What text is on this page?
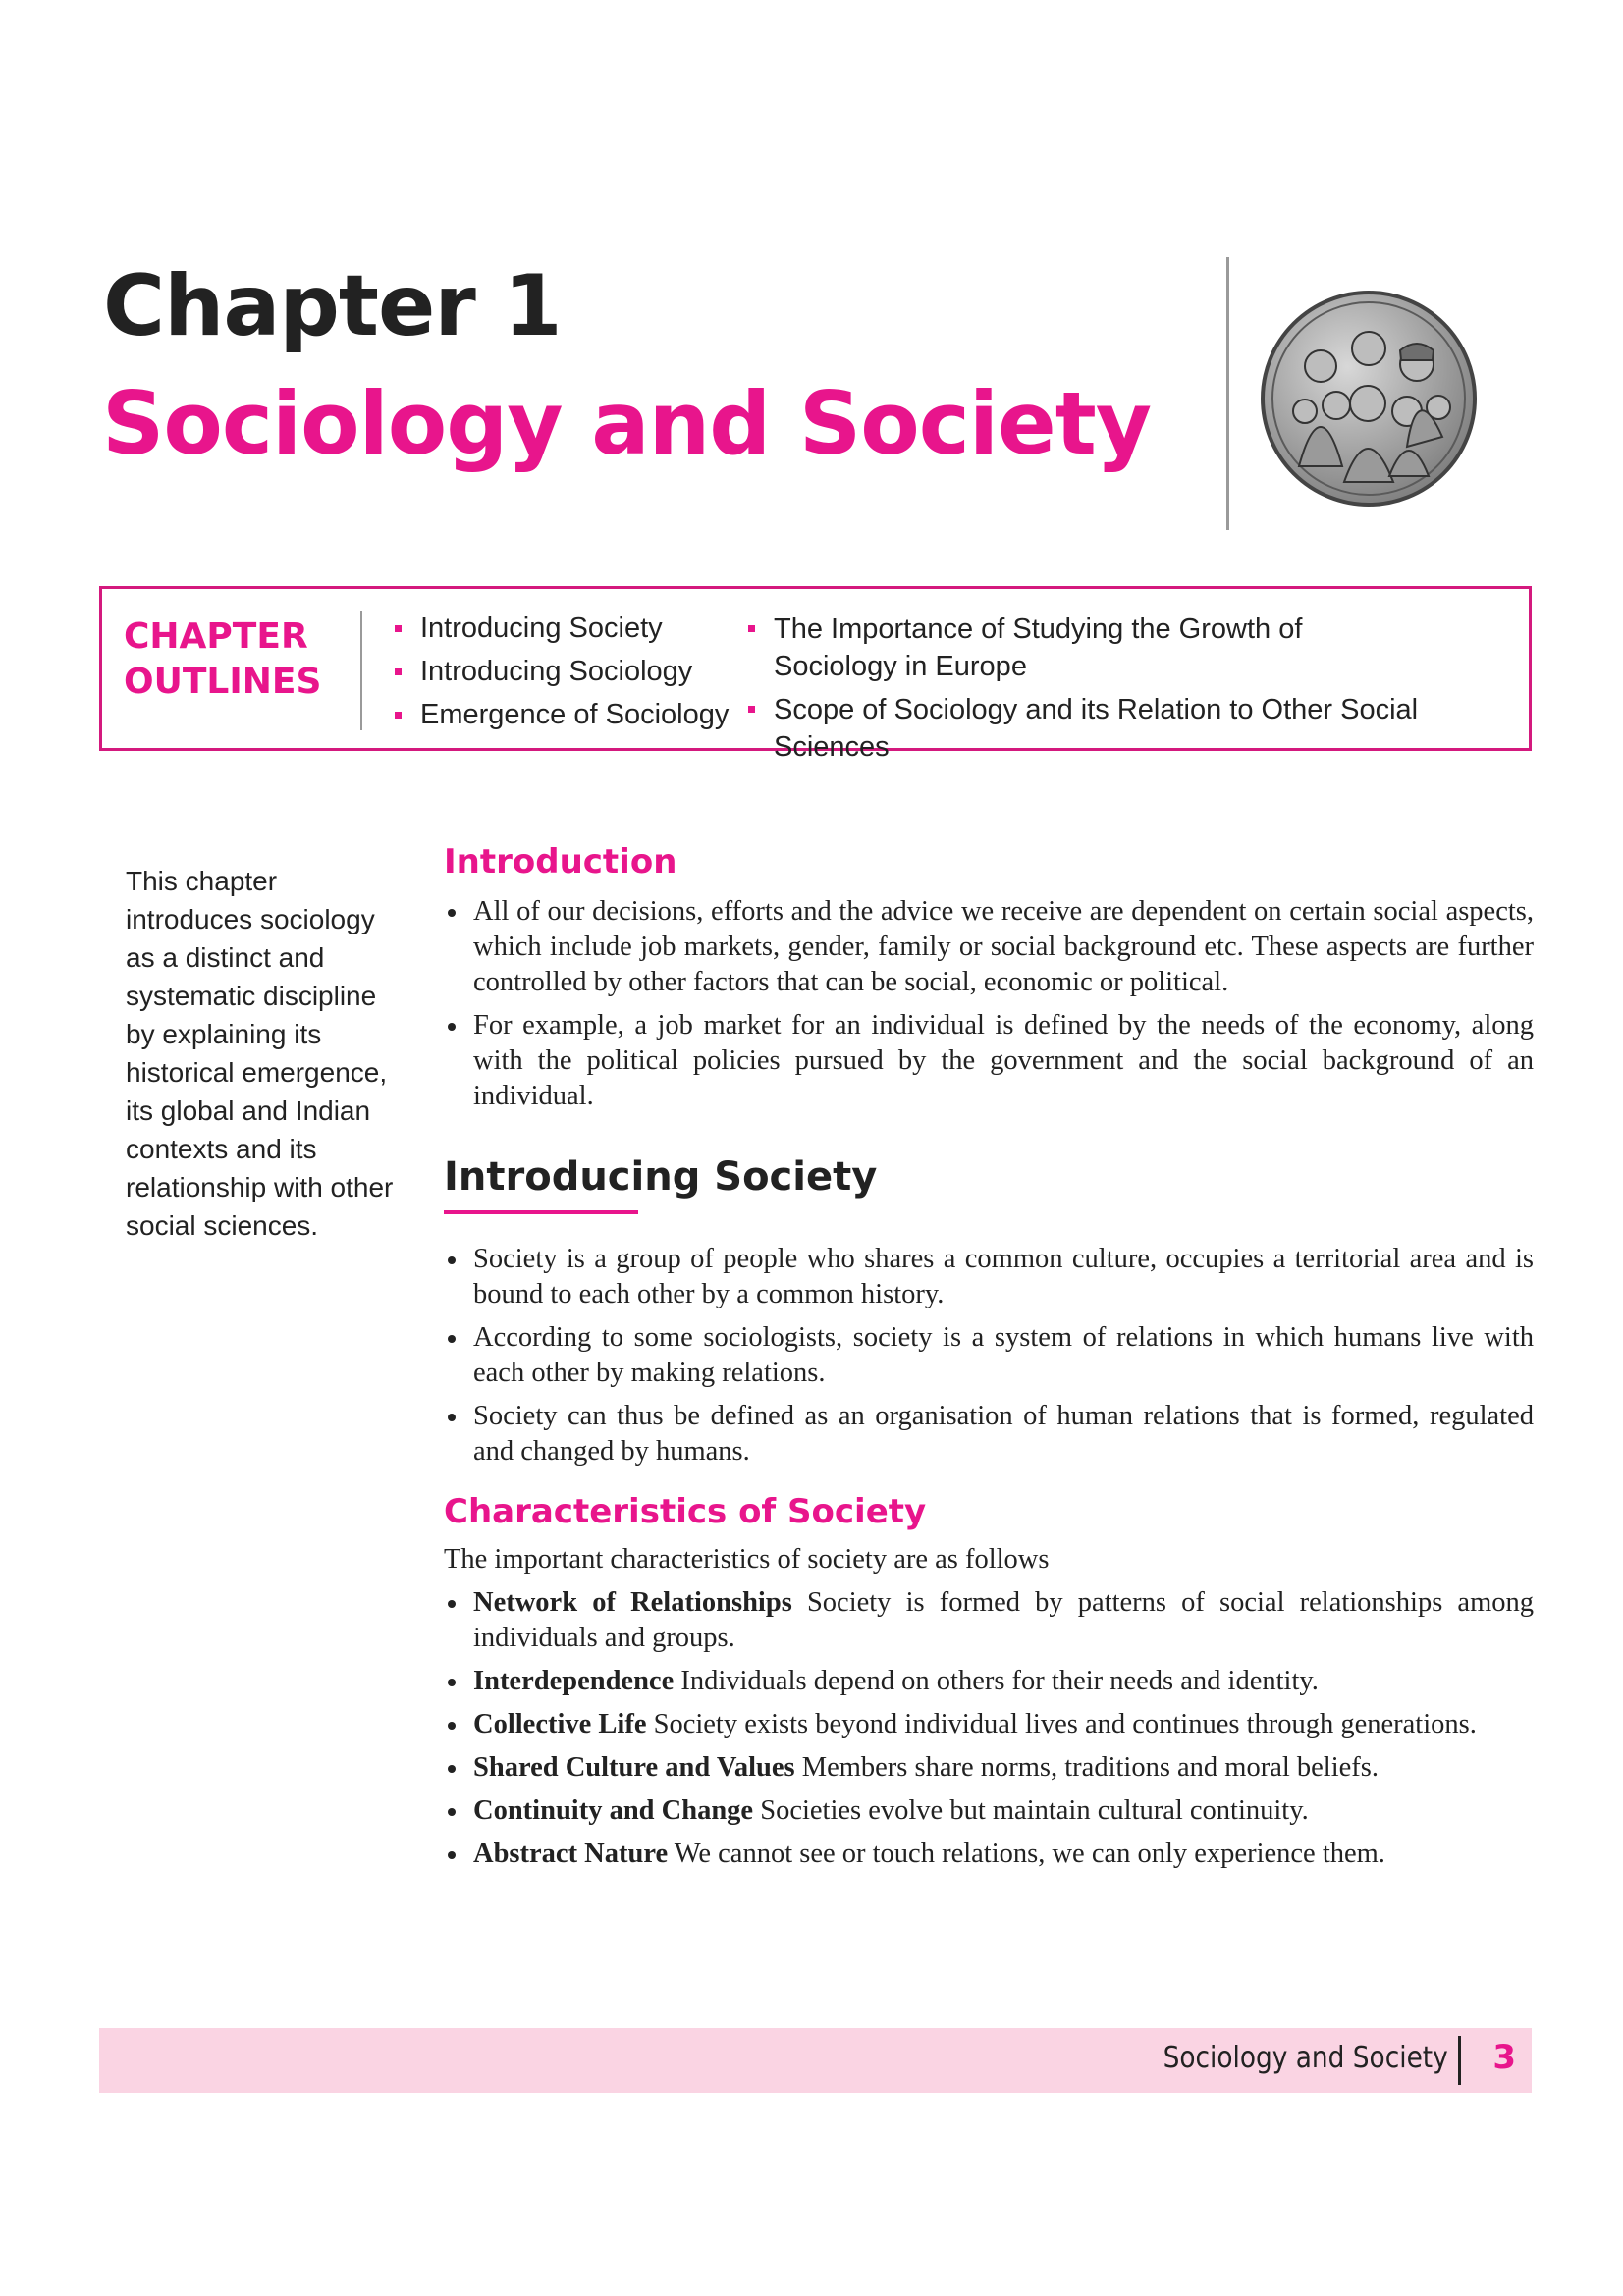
Chapter 1
Sociology and Society
CHAPTER
OUTLINES
Introducing Society
Introducing Sociology
Emergence of Sociology
The Importance of Studying the Growth of Sociology in Europe
Scope of Sociology and its Relation to Other Social Sciences
This chapter introduces sociology as a distinct and systematic discipline by explaining its historical emergence, its global and Indian contexts and its relationship with other social sciences.
Introduction
All of our decisions, efforts and the advice we receive are dependent on certain social aspects, which include job markets, gender, family or social background etc. These aspects are further controlled by other factors that can be social, economic or political.
For example, a job market for an individual is defined by the needs of the economy, along with the political policies pursued by the government and the social background of an individual.
Introducing Society
Society is a group of people who shares a common culture, occupies a territorial area and is bound to each other by a common history.
According to some sociologists, society is a system of relations in which humans live with each other by making relations.
Society can thus be defined as an organisation of human relations that is formed, regulated and changed by humans.
Characteristics of Society

The important characteristics of society are as follows

Network of Relationships Society is formed by patterns of social relationships among individuals and groups.
Interdependence Individuals depend on others for their needs and identity.
Collective Life Society exists beyond individual lives and continues through generations.
Shared Culture and Values Members share norms, traditions and moral beliefs.
Continuity and Change Societies evolve but maintain cultural continuity.
Abstract Nature We cannot see or touch relations, we can only experience them.
Sociology and Society 3
